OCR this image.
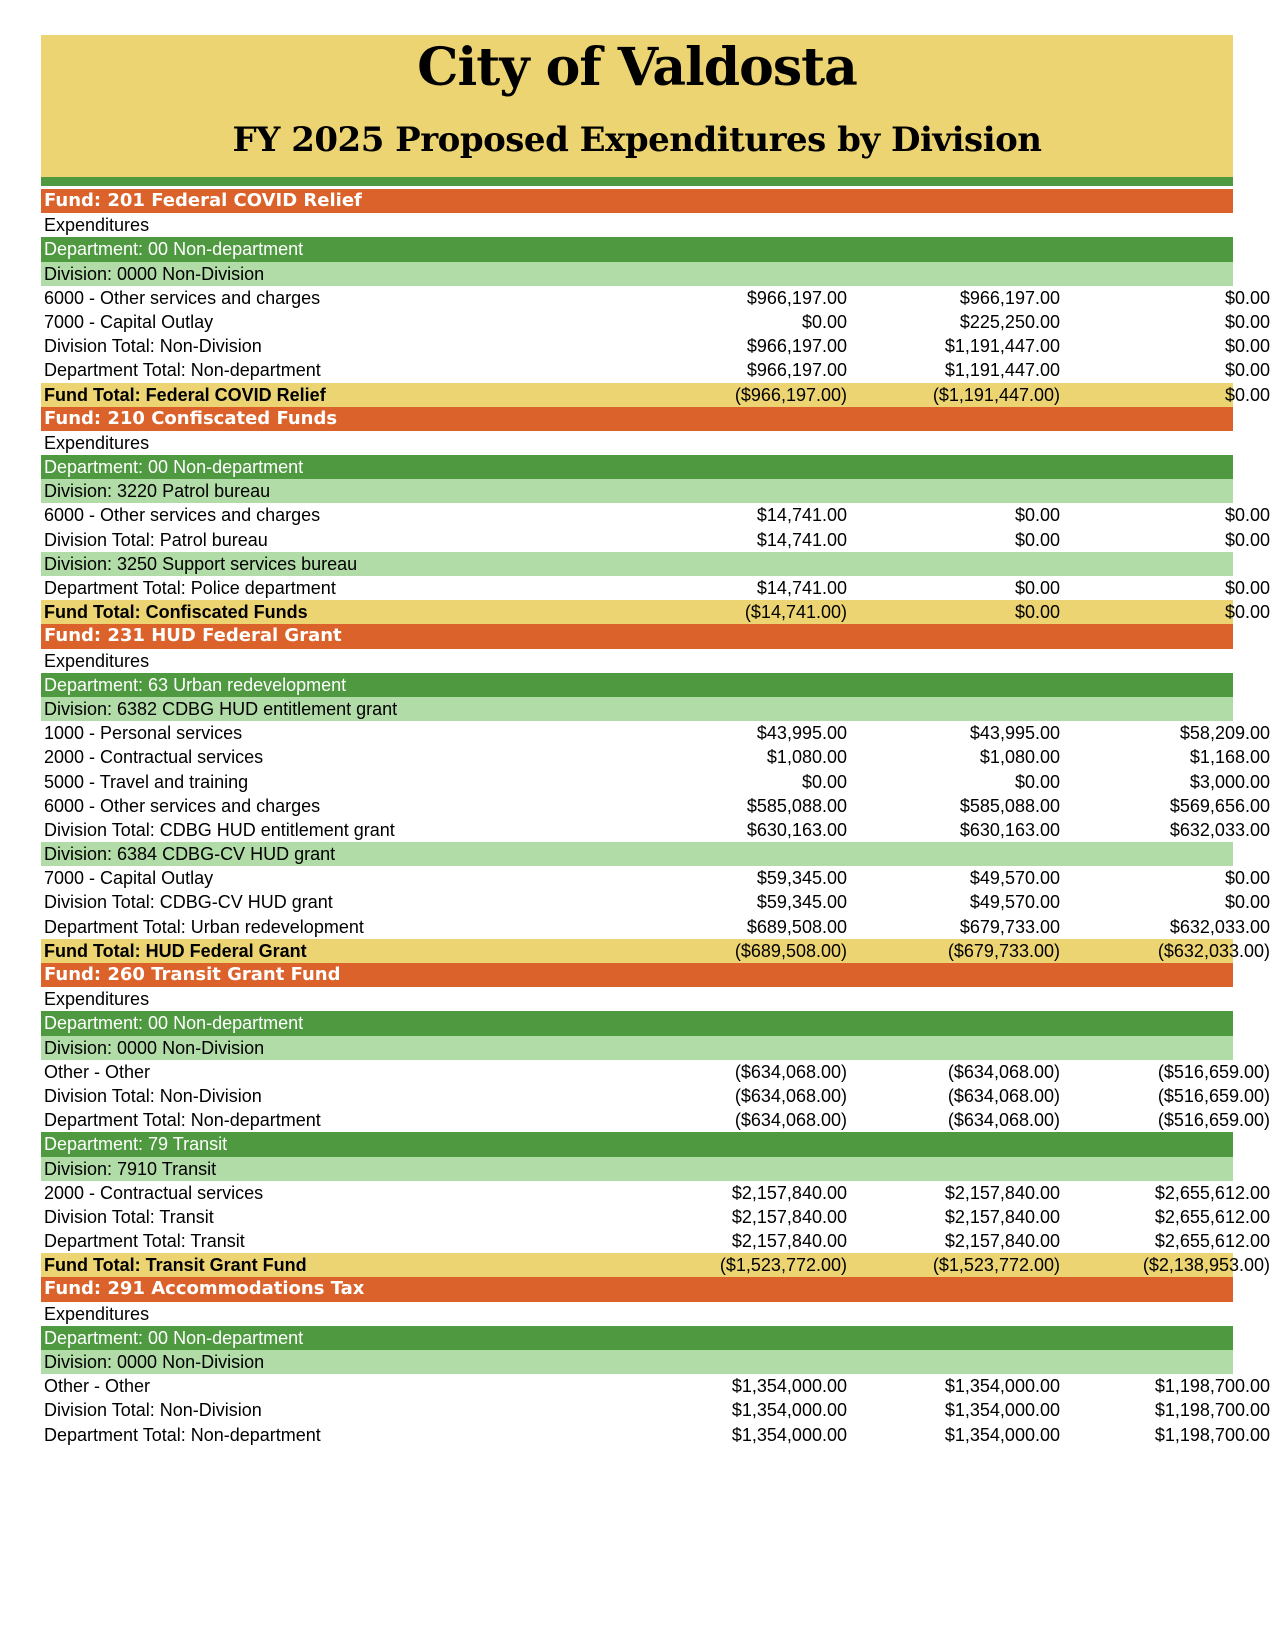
City of Valdosta
FY 2025 Proposed Expenditures by Division
Fund: 201 Federal COVID Relief
Expenditures
Department: 00 Non-department
Division: 0000 Non-Division
6000 - Other services and charges	$966,197.00	$966,197.00	$0.00
7000 - Capital Outlay	$0.00	$225,250.00	$0.00
Division Total: Non-Division	$966,197.00	$1,191,447.00	$0.00
Department Total: Non-department	$966,197.00	$1,191,447.00	$0.00
Fund Total: Federal COVID Relief	($966,197.00)	($1,191,447.00)	$0.00
Fund: 210 Confiscated Funds
Expenditures
Department: 00 Non-department
Division: 3220 Patrol bureau
6000 - Other services and charges	$14,741.00	$0.00	$0.00
Division Total: Patrol bureau	$14,741.00	$0.00	$0.00
Division: 3250 Support services bureau
Department Total: Police department	$14,741.00	$0.00	$0.00
Fund Total: Confiscated Funds	($14,741.00)	$0.00	$0.00
Fund: 231 HUD Federal Grant
Expenditures
Department: 63 Urban redevelopment
Division: 6382 CDBG HUD entitlement grant
1000 - Personal services	$43,995.00	$43,995.00	$58,209.00
2000 - Contractual services	$1,080.00	$1,080.00	$1,168.00
5000 - Travel and training	$0.00	$0.00	$3,000.00
6000 - Other services and charges	$585,088.00	$585,088.00	$569,656.00
Division Total: CDBG HUD entitlement grant	$630,163.00	$630,163.00	$632,033.00
Division: 6384 CDBG-CV HUD grant
7000 - Capital Outlay	$59,345.00	$49,570.00	$0.00
Division Total: CDBG-CV HUD grant	$59,345.00	$49,570.00	$0.00
Department Total: Urban redevelopment	$689,508.00	$679,733.00	$632,033.00
Fund Total: HUD Federal Grant	($689,508.00)	($679,733.00)	($632,033.00)
Fund: 260 Transit Grant Fund
Expenditures
Department: 00 Non-department
Division: 0000 Non-Division
Other - Other	($634,068.00)	($634,068.00)	($516,659.00)
Division Total: Non-Division	($634,068.00)	($634,068.00)	($516,659.00)
Department Total: Non-department	($634,068.00)	($634,068.00)	($516,659.00)
Department: 79 Transit
Division: 7910 Transit
2000 - Contractual services	$2,157,840.00	$2,157,840.00	$2,655,612.00
Division Total: Transit	$2,157,840.00	$2,157,840.00	$2,655,612.00
Department Total: Transit	$2,157,840.00	$2,157,840.00	$2,655,612.00
Fund Total: Transit Grant Fund	($1,523,772.00)	($1,523,772.00)	($2,138,953.00)
Fund: 291 Accommodations Tax
Expenditures
Department: 00 Non-department
Division: 0000 Non-Division
Other - Other	$1,354,000.00	$1,354,000.00	$1,198,700.00
Division Total: Non-Division	$1,354,000.00	$1,354,000.00	$1,198,700.00
Department Total: Non-department	$1,354,000.00	$1,354,000.00	$1,198,700.00
